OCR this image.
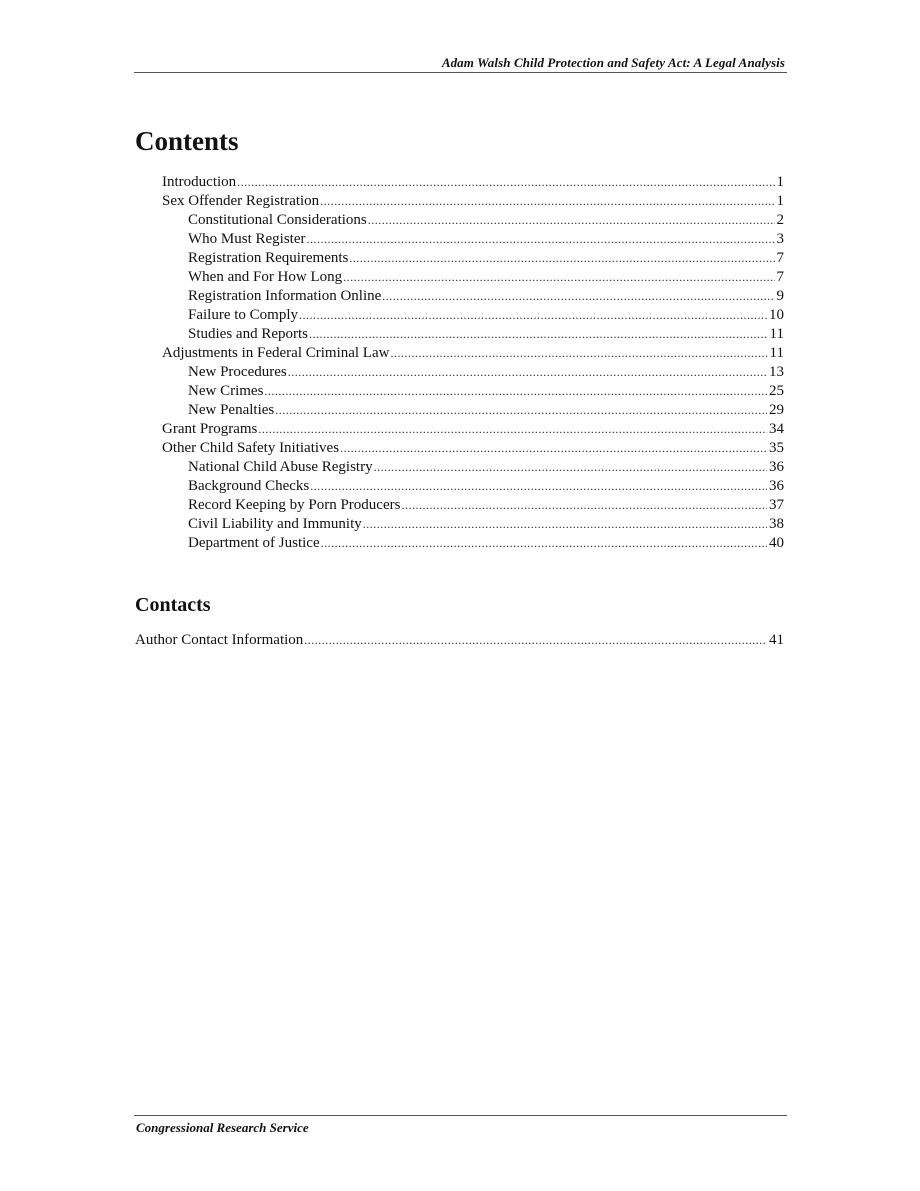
Adam Walsh Child Protection and Safety Act: A Legal Analysis
Contents
Introduction .....	1
Sex Offender Registration .....	1
Constitutional Considerations .....	2
Who Must Register .....	3
Registration Requirements .....	7
When and For How Long .....	7
Registration Information Online .....	9
Failure to Comply .....	10
Studies and Reports .....	11
Adjustments in Federal Criminal Law .....	11
New Procedures .....	13
New Crimes .....	25
New Penalties .....	29
Grant Programs .....	34
Other Child Safety Initiatives .....	35
National Child Abuse Registry .....	36
Background Checks .....	36
Record Keeping by Porn Producers .....	37
Civil Liability and Immunity .....	38
Department of Justice .....	40
Contacts
Author Contact Information .....	41
Congressional Research Service
